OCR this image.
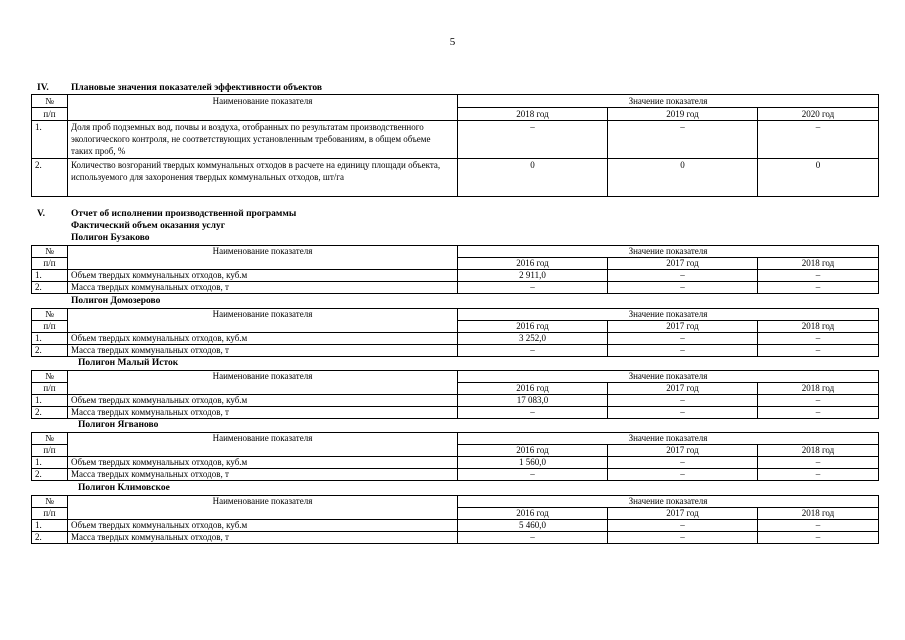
5
IV. Плановые значения показателей эффективности объектов
№	Наименование показателя	Значение показателя		
п/п		2018 год	2019 год	2020 год
1.	Доля проб подземных вод, почвы и воздуха, отобранных по результатам производственного экологического контроля, не соответствующих установленным требованиям, в общем объеме таких проб, %	–	–	–
2.	Количество возгораний твердых коммунальных отходов в расчете на единицу площади объекта, используемого для захоронения твердых коммунальных отходов, шт/га	0	0	0
V.	Отчет об исполнении производственной программы
Фактический объем оказания услуг
Полигон Бузаково
№	Наименование показателя	Значение показателя		
п/п		2016 год	2017 год	2018 год
1.	Объем твердых коммунальных отходов, куб.м	2 911,0	–	–
2.	Масса твердых коммунальных отходов, т	–	–	–
Полигон Домозерово
№	Наименование показателя	Значение показателя		
п/п		2016 год	2017 год	2018 год
1.	Объем твердых коммунальных отходов, куб.м	3 252,0	–	–
2.	Масса твердых коммунальных отходов, т	–	–	–
Полигон Малый Исток
№	Наименование показателя	Значение показателя		
п/п		2016 год	2017 год	2018 год
1.	Объем твердых коммунальных отходов, куб.м	17 083,0	–	–
2.	Масса твердых коммунальных отходов, т	–	–	–
Полигон Ягваново
№	Наименование показателя	Значение показателя		
п/п		2016 год	2017 год	2018 год
1.	Объем твердых коммунальных отходов, куб.м	1 560,0	–	–
2.	Масса твердых коммунальных отходов, т	–	–	–
Полигон Климовское
№	Наименование показателя	Значение показателя		
п/п		2016 год	2017 год	2018 год
1.	Объем твердых коммунальных отходов, куб.м	5 460,0	–	–
2.	Масса твердых коммунальных отходов, т	–	–	–
